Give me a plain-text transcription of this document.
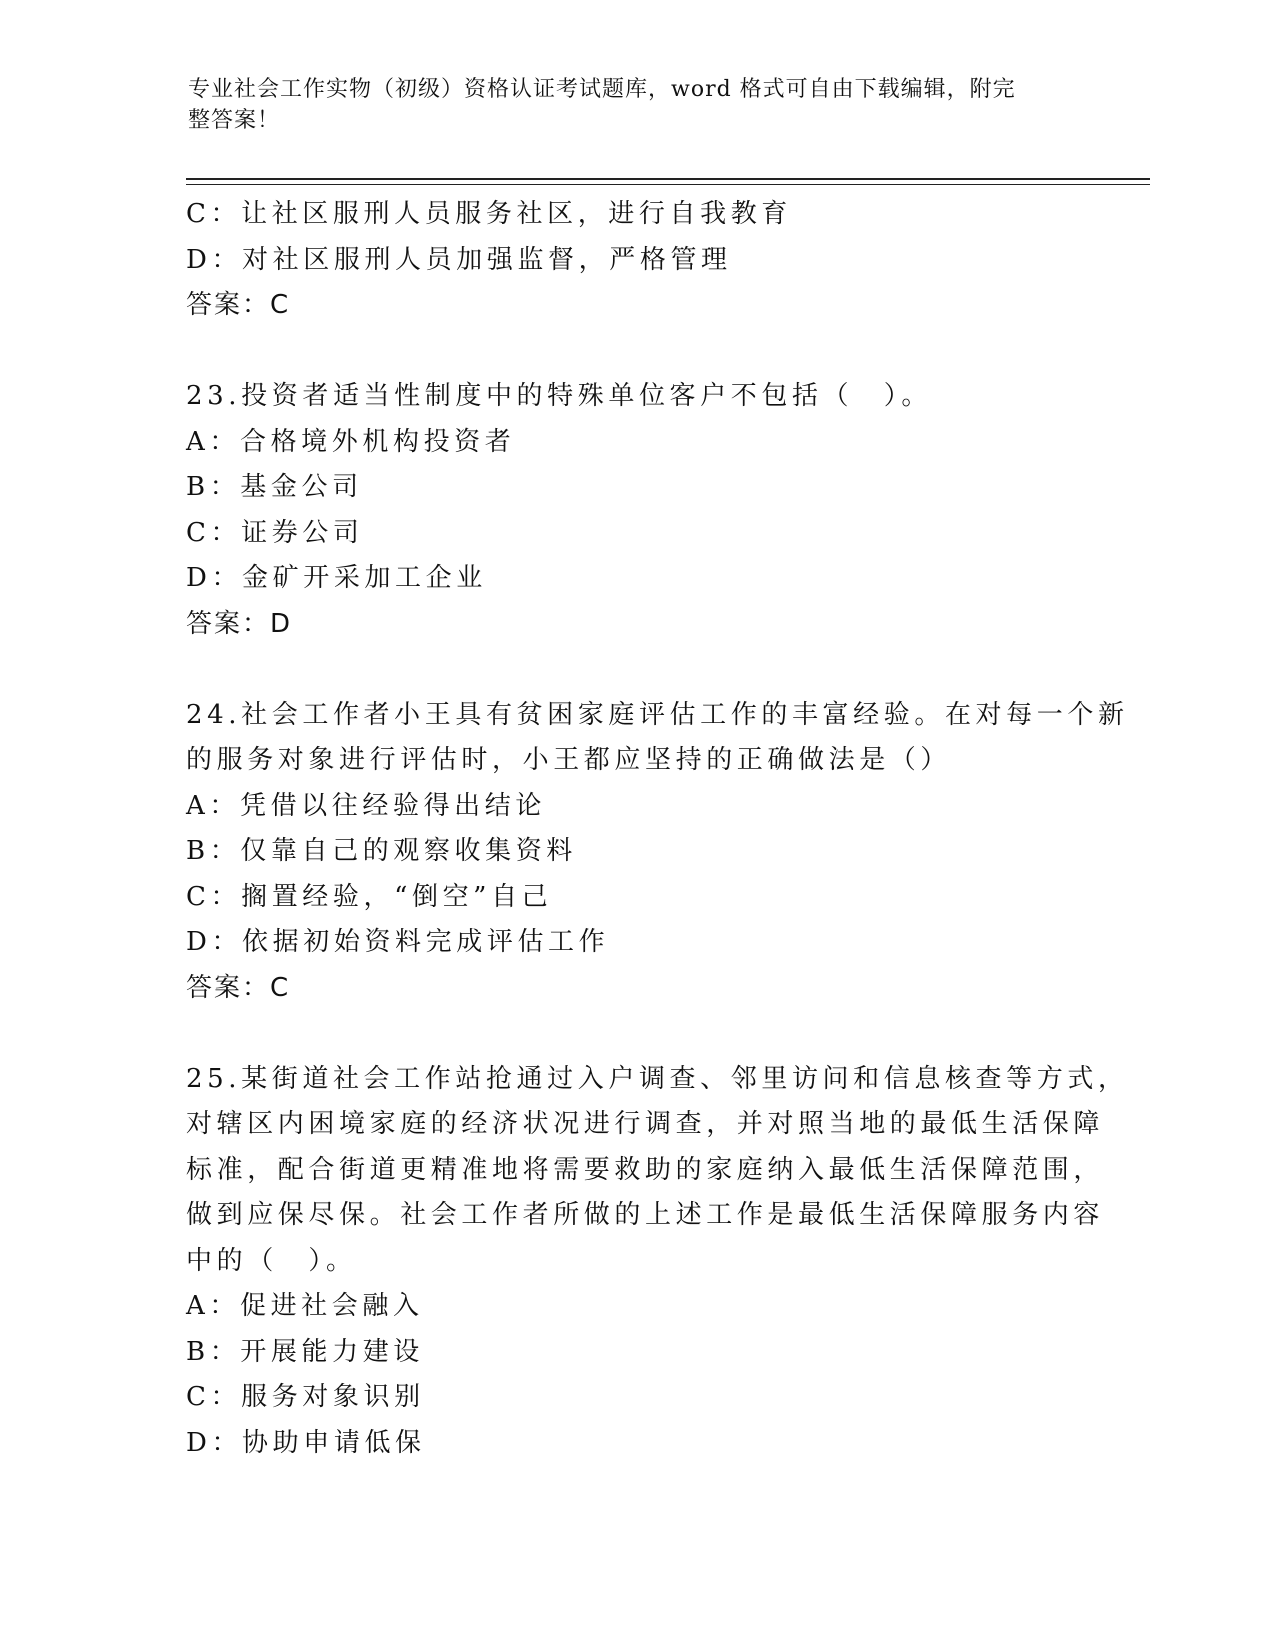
专业社会工作实物（初级）资格认证考试题库，word 格式可自由下载编辑，附完
整答案！
C：让社区服刑人员服务社区，进行自我教育
D：对社区服刑人员加强监督，严格管理
答案：C
23.投资者适当性制度中的特殊单位客户不包括（　）。
A：合格境外机构投资者
B：基金公司
C：证券公司
D：金矿开采加工企业
答案：D
24.社会工作者小王具有贫困家庭评估工作的丰富经验。在对每一个新
的服务对象进行评估时，小王都应坚持的正确做法是（）
A：凭借以往经验得出结论
B：仅靠自己的观察收集资料
C：搁置经验，“倒空”自己
D：依据初始资料完成评估工作
答案：C
25.某街道社会工作站抢通过入户调查、邻里访问和信息核查等方式，
对辖区内困境家庭的经济状况进行调查，并对照当地的最低生活保障
标准，配合街道更精准地将需要救助的家庭纳入最低生活保障范围，
做到应保尽保。社会工作者所做的上述工作是最低生活保障服务内容
中的（　）。
A：促进社会融入
B：开展能力建设
C：服务对象识别
D：协助申请低保
